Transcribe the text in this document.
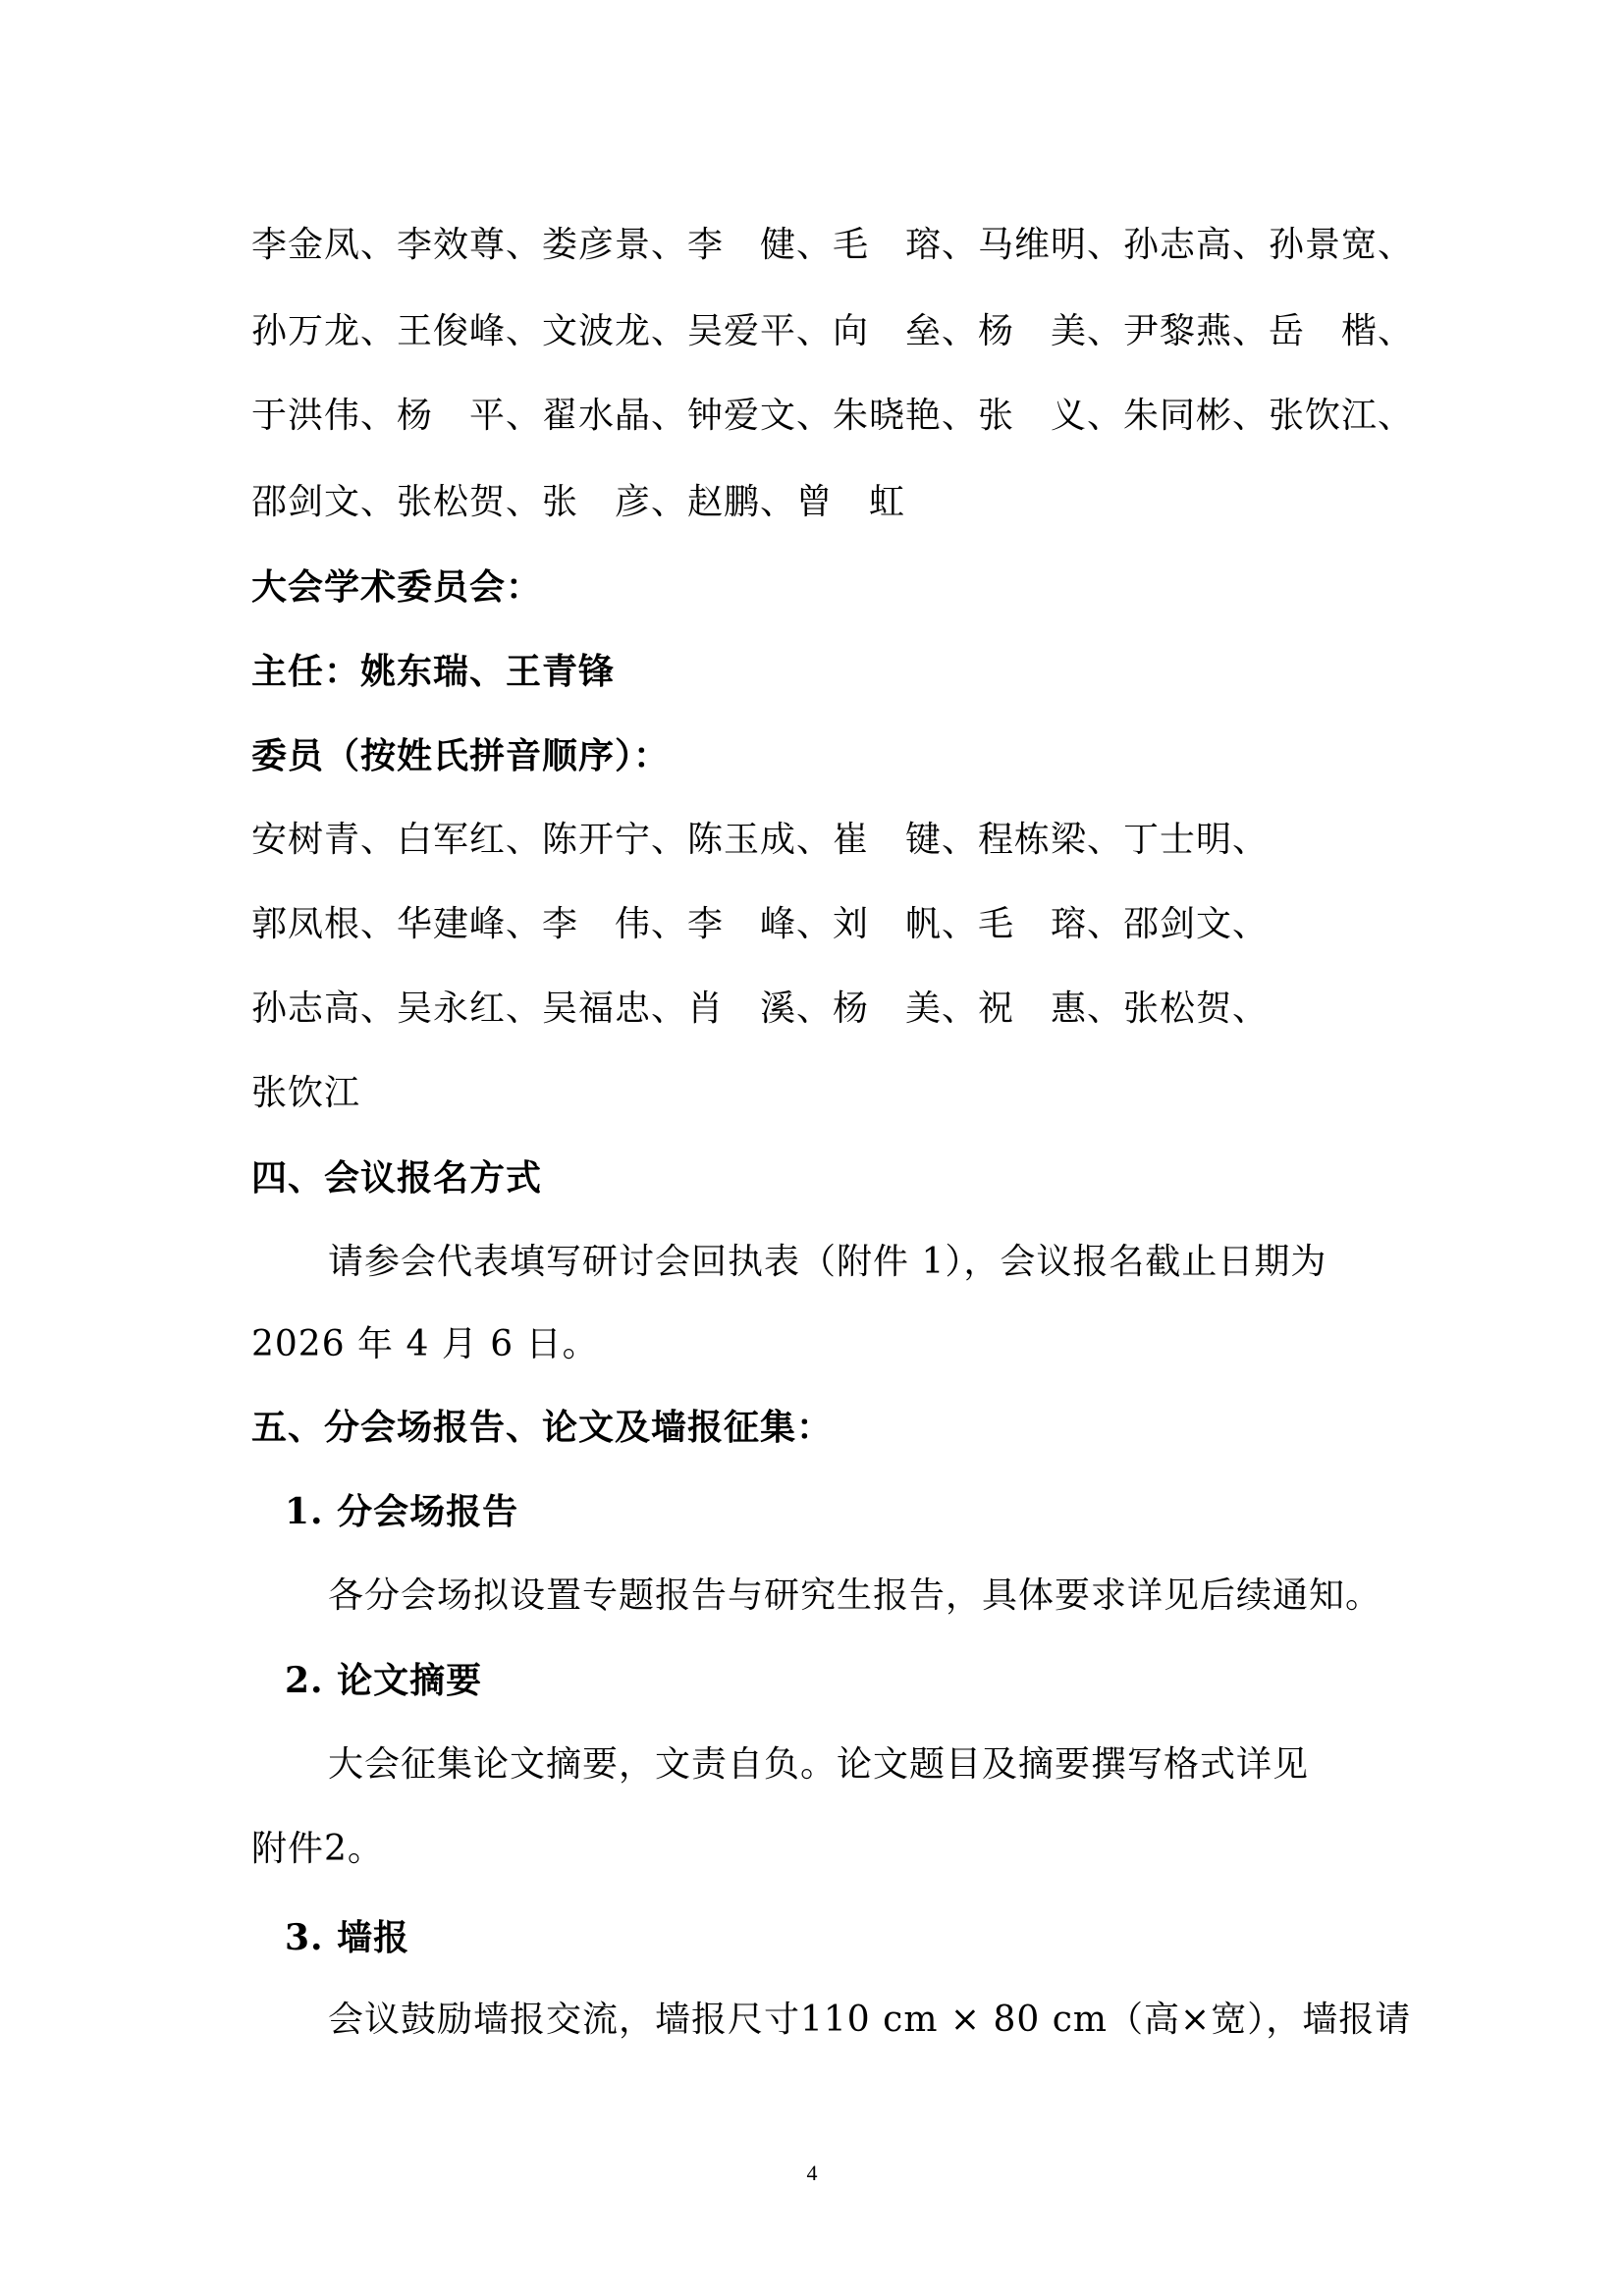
李金凤、李效尊、娄彦景、李　健、毛　瑢、马维明、孙志高、孙景宽、
孙万龙、王俊峰、文波龙、吴爱平、向　垒、杨　美、尹黎燕、岳　楷、
于洪伟、杨　平、翟水晶、钟爱文、朱晓艳、张　义、朱同彬、张饮江、
邵剑文、张松贺、张　彦、赵鹏、曾　虹
大会学术委员会：
主任：姚东瑞、王青锋
委员（按姓氏拼音顺序）：
安树青、白军红、陈开宁、陈玉成、崔　键、程栋梁、丁士明、
郭凤根、华建峰、李　伟、李　峰、刘　帆、毛　瑢、邵剑文、
孙志高、吴永红、吴福忠、肖　溪、杨　美、祝　惠、张松贺、
张饮江
四、会议报名方式
请参会代表填写研讨会回执表（附件 1），会议报名截止日期为
2026 年 4 月 6 日。
五、分会场报告、论文及墙报征集：
1. 分会场报告
各分会场拟设置专题报告与研究生报告，具体要求详见后续通知。
2. 论文摘要
大会征集论文摘要，文责自负。论文题目及摘要撰写格式详见
附件2。
3. 墙报
会议鼓励墙报交流，墙报尺寸110 cm × 80 cm（高×宽），墙报请
4
